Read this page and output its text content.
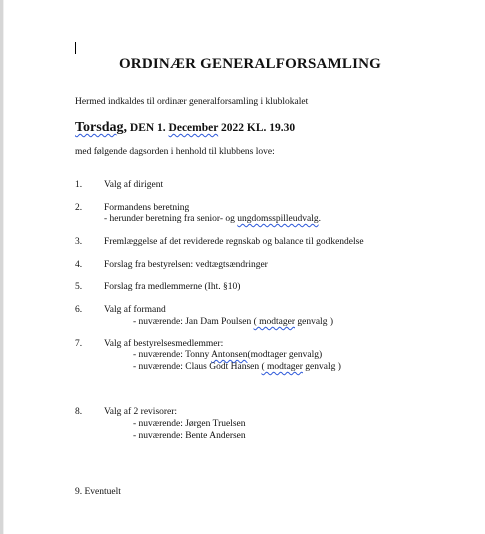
ORDINÆR GENERALFORSAMLING
Hermed indkaldes til ordinær generalforsamling i klublokalet
Torsdag, DEN 1. December 2022 KL. 19.30
med følgende dagsorden i henhold til klubbens love:
1. Valg af dirigent
2. Formandens beretning
- herunder beretning fra senior- og ungdomsspilleudvalg.
3. Fremlæggelse af det reviderede regnskab og balance til godkendelse
4. Forslag fra bestyrelsen: vedtægtsændringer
5. Forslag fra medlemmerne (Iht. §10)
6. Valg af formand
- nuværende: Jan Dam Poulsen ( modtager genvalg )
7. Valg af bestyrelsesmedlemmer:
- nuværende: Tonny Antonsen(modtager genvalg)
- nuværende: Claus Godt Hansen ( modtager genvalg )
8. Valg af 2 revisorer:
- nuværende: Jørgen Truelsen
- nuværende: Bente Andersen
9. Eventuelt
